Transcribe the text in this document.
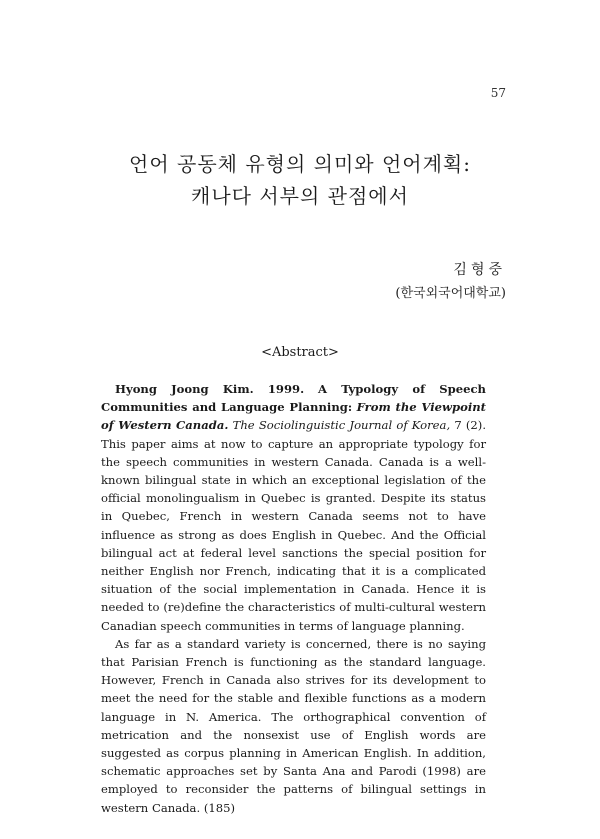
57

언어 공동체 유형의 의미와 언어계획:

캐나다 서부의 관점에서

김형중
(한국외국어대학교)
<Abstract>

Hyong Joong Kim. 1999. A Typology of Speech Communities and Language Planning: From the Viewpoint of Western Canada. The Sociolinguistic Journal of Korea, 7 (2). This paper aims at now to capture an appropriate typology for the speech communities in western Canada. Canada is a well-known bilingual state in which an exceptional legislation of the official monolingualism in Quebec is granted. Despite its status in Quebec, French in western Canada seems not to have influence as strong as does English in Quebec. And the Official bilingual act at federal level sanctions the special position for neither English nor French, indicating that it is a complicated situation of the social implementation in Canada. Hence it is needed to (re)define the characteristics of multi-cultural western Canadian speech communities in terms of language planning.

As far as a standard variety is concerned, there is no saying that Parisian French is functioning as the standard language. However, French in Canada also strives for its development to meet the need for the stable and flexible functions as a modern language in N. America. The orthographical convention of metrication and the nonsexist use of English words are suggested as corpus planning in American English. In addition, schematic approaches set by Santa Ana and Parodi (1998) are employed to reconsider the patterns of bilingual settings in western Canada. (185)
